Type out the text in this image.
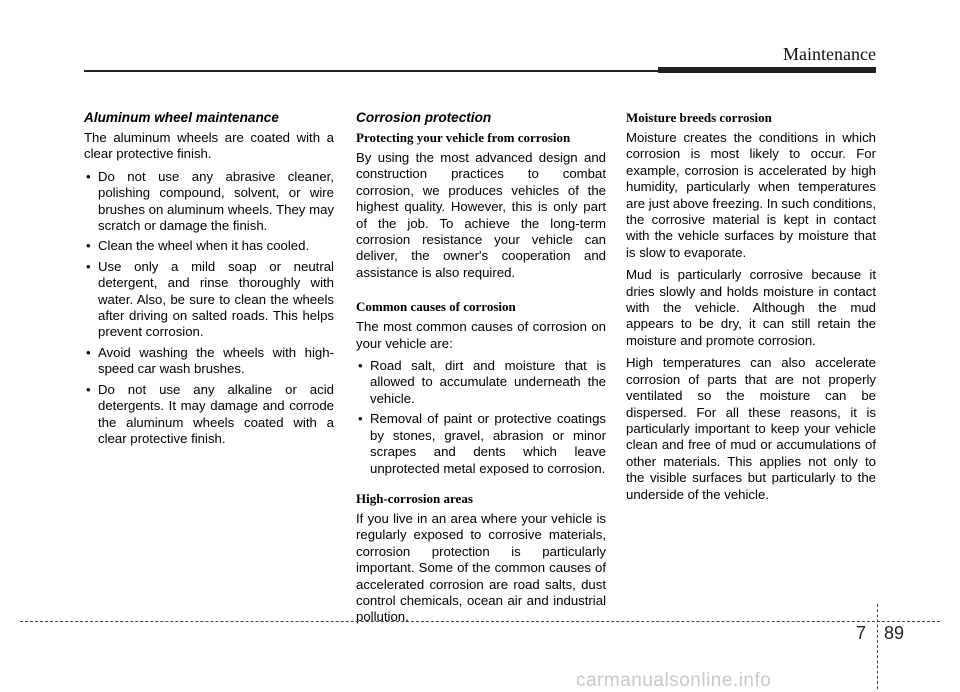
Maintenance
Aluminum wheel maintenance

The aluminum wheels are coated with a clear protective finish.

• Do not use any abrasive cleaner, polishing compound, solvent, or wire brushes on aluminum wheels. They may scratch or damage the finish.
• Clean the wheel when it has cooled.
• Use only a mild soap or neutral detergent, and rinse thoroughly with water. Also, be sure to clean the wheels after driving on salted roads. This helps prevent corrosion.
• Avoid washing the wheels with high-speed car wash brushes.
• Do not use any alkaline or acid detergents. It may damage and corrode the aluminum wheels coated with a clear protective finish.
Corrosion protection
Protecting your vehicle from corrosion

By using the most advanced design and construction practices to combat corrosion, we produces vehicles of the highest quality. However, this is only part of the job. To achieve the long-term corrosion resistance your vehicle can deliver, the owner's cooperation and assistance is also required.

Common causes of corrosion

The most common causes of corrosion on your vehicle are:

• Road salt, dirt and moisture that is allowed to accumulate underneath the vehicle.
• Removal of paint or protective coatings by stones, gravel, abrasion or minor scrapes and dents which leave unprotected metal exposed to corrosion.
High-corrosion areas

If you live in an area where your vehicle is regularly exposed to corrosive materials, corrosion protection is particularly important. Some of the common causes of accelerated corrosion are road salts, dust control chemicals, ocean air and industrial pollution.

Moisture breeds corrosion

Moisture creates the conditions in which corrosion is most likely to occur. For example, corrosion is accelerated by high humidity, particularly when temperatures are just above freezing. In such conditions, the corrosive material is kept in contact with the vehicle surfaces by moisture that is slow to evaporate.

Mud is particularly corrosive because it dries slowly and holds moisture in contact with the vehicle. Although the mud appears to be dry, it can still retain the moisture and promote corrosion.

High temperatures can also accelerate corrosion of parts that are not properly ventilated so the moisture can be dispersed. For all these reasons, it is particularly important to keep your vehicle clean and free of mud or accumulations of other materials. This applies not only to the visible surfaces but particularly to the underside of the vehicle.

7 89
carmanualsonline.info
